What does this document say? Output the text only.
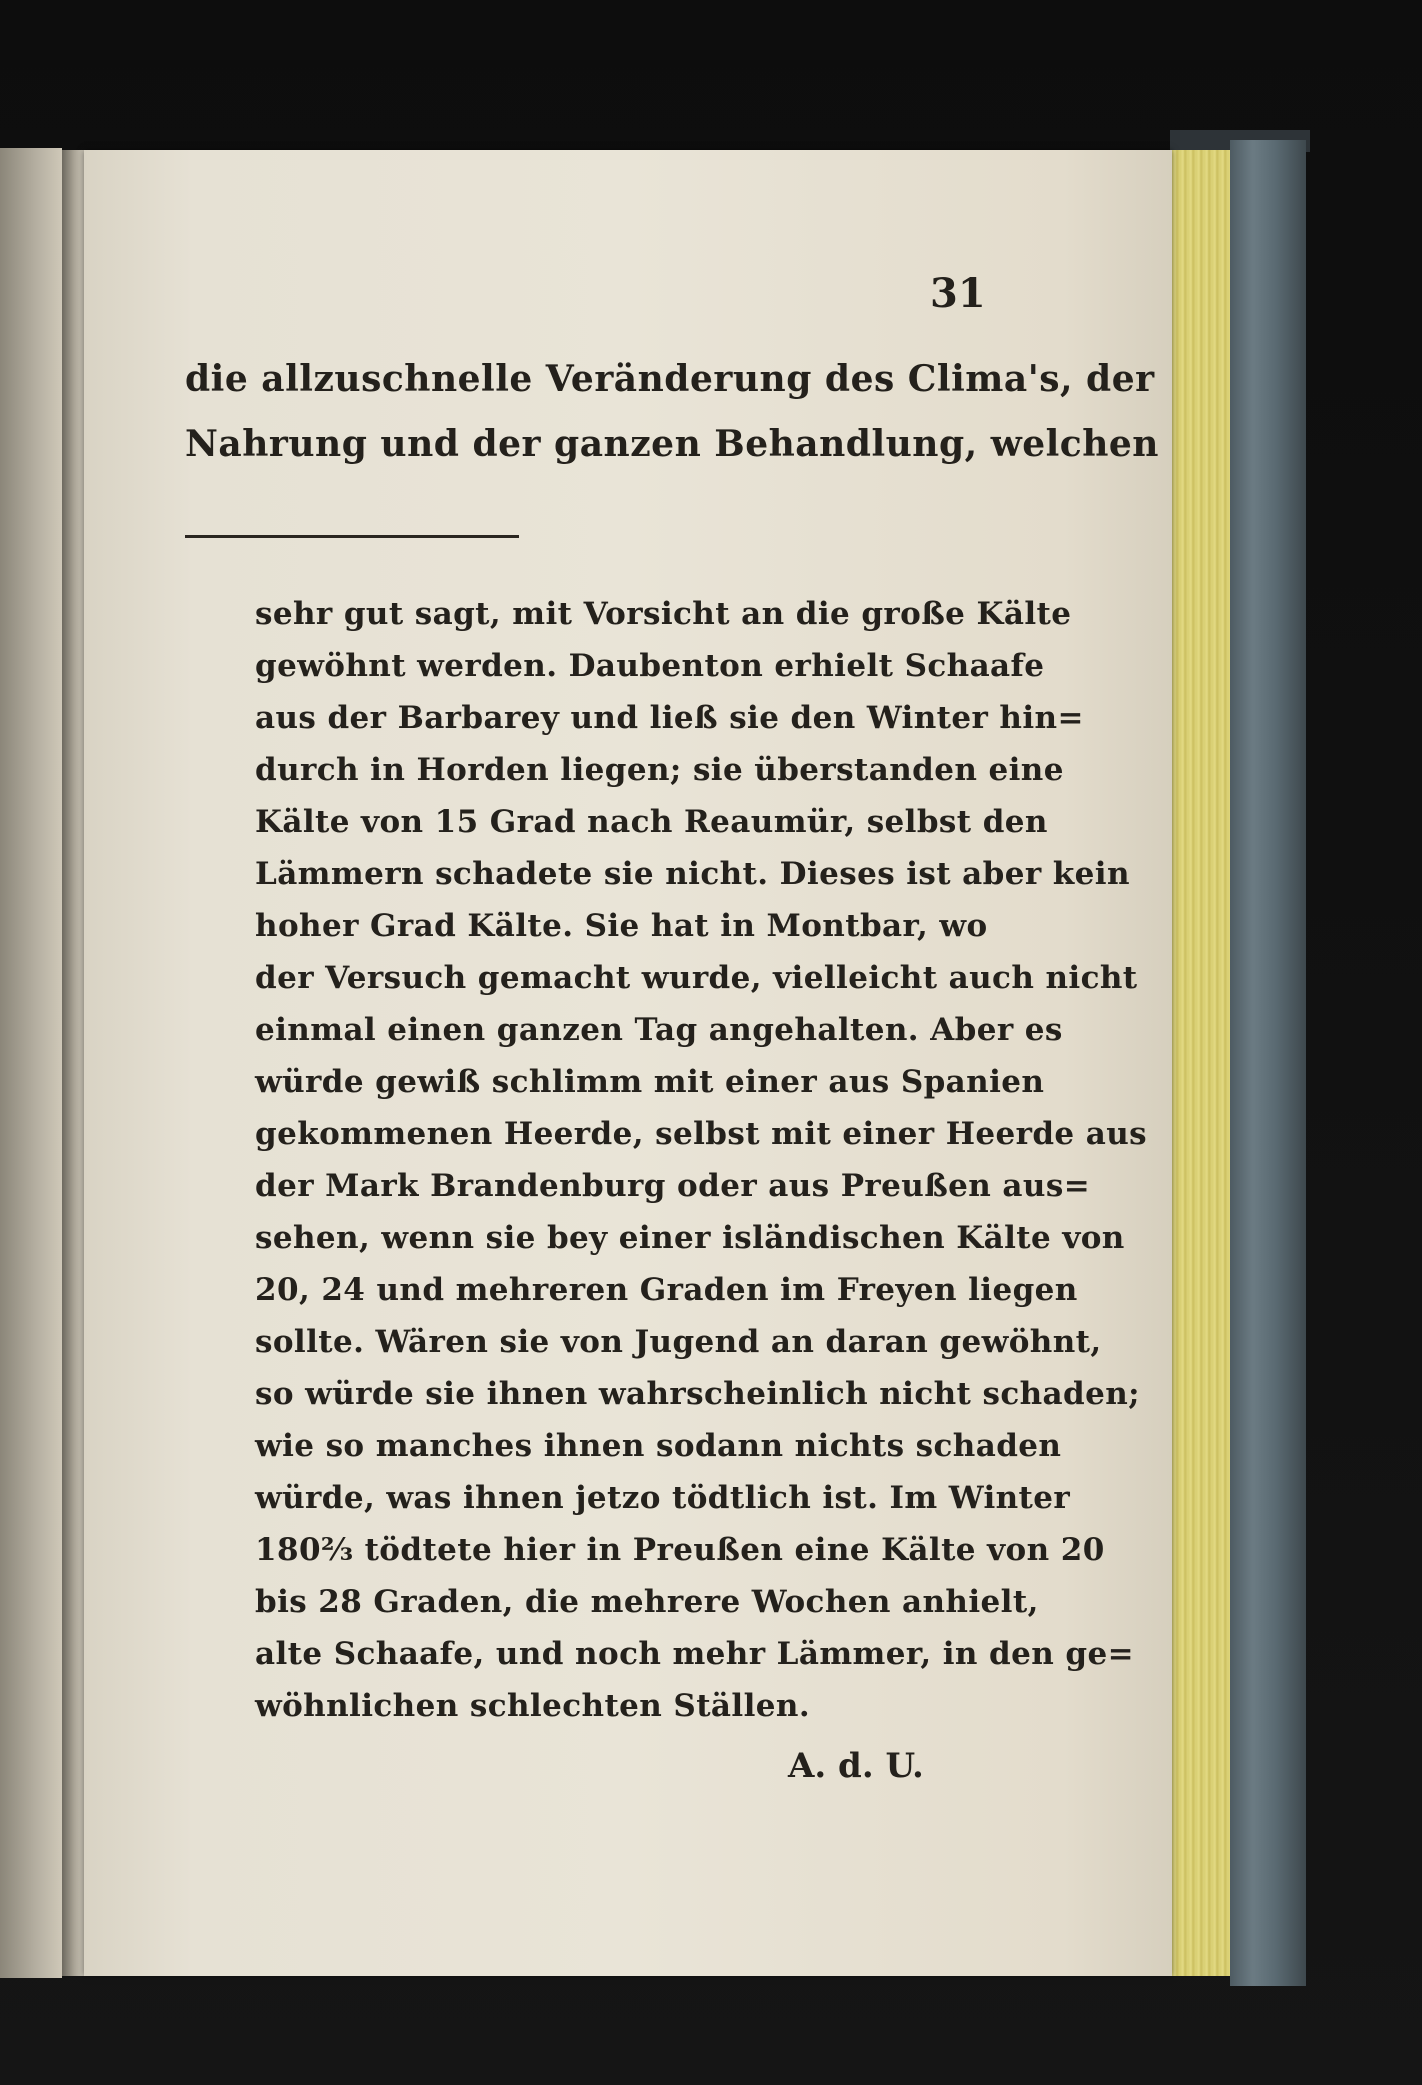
31
die allzuschnelle Veränderung des Clima's, der
Nahrung und der ganzen Behandlung, welchen
sehr gut sagt, mit Vorsicht an die große Kälte
gewöhnt werden. Daubenton erhielt Schaafe
aus der Barbarey und ließ sie den Winter hin=
durch in Horden liegen; sie überstanden eine
Kälte von 15 Grad nach Reaumür, selbst den
Lämmern schadete sie nicht. Dieses ist aber kein
hoher Grad Kälte. Sie hat in Montbar, wo
der Versuch gemacht wurde, vielleicht auch nicht
einmal einen ganzen Tag angehalten. Aber es
würde gewiß schlimm mit einer aus Spanien
gekommenen Heerde, selbst mit einer Heerde aus
der Mark Brandenburg oder aus Preußen aus=
sehen, wenn sie bey einer isländischen Kälte von
20, 24 und mehreren Graden im Freyen liegen
sollte. Wären sie von Jugend an daran gewöhnt,
so würde sie ihnen wahrscheinlich nicht schaden;
wie so manches ihnen sodann nichts schaden
würde, was ihnen jetzo tödtlich ist. Im Winter
180⅔ tödtete hier in Preußen eine Kälte von 20
bis 28 Graden, die mehrere Wochen anhielt,
alte Schaafe, und noch mehr Lämmer, in den ge=
wöhnlichen schlechten Ställen.
A. d. U.
